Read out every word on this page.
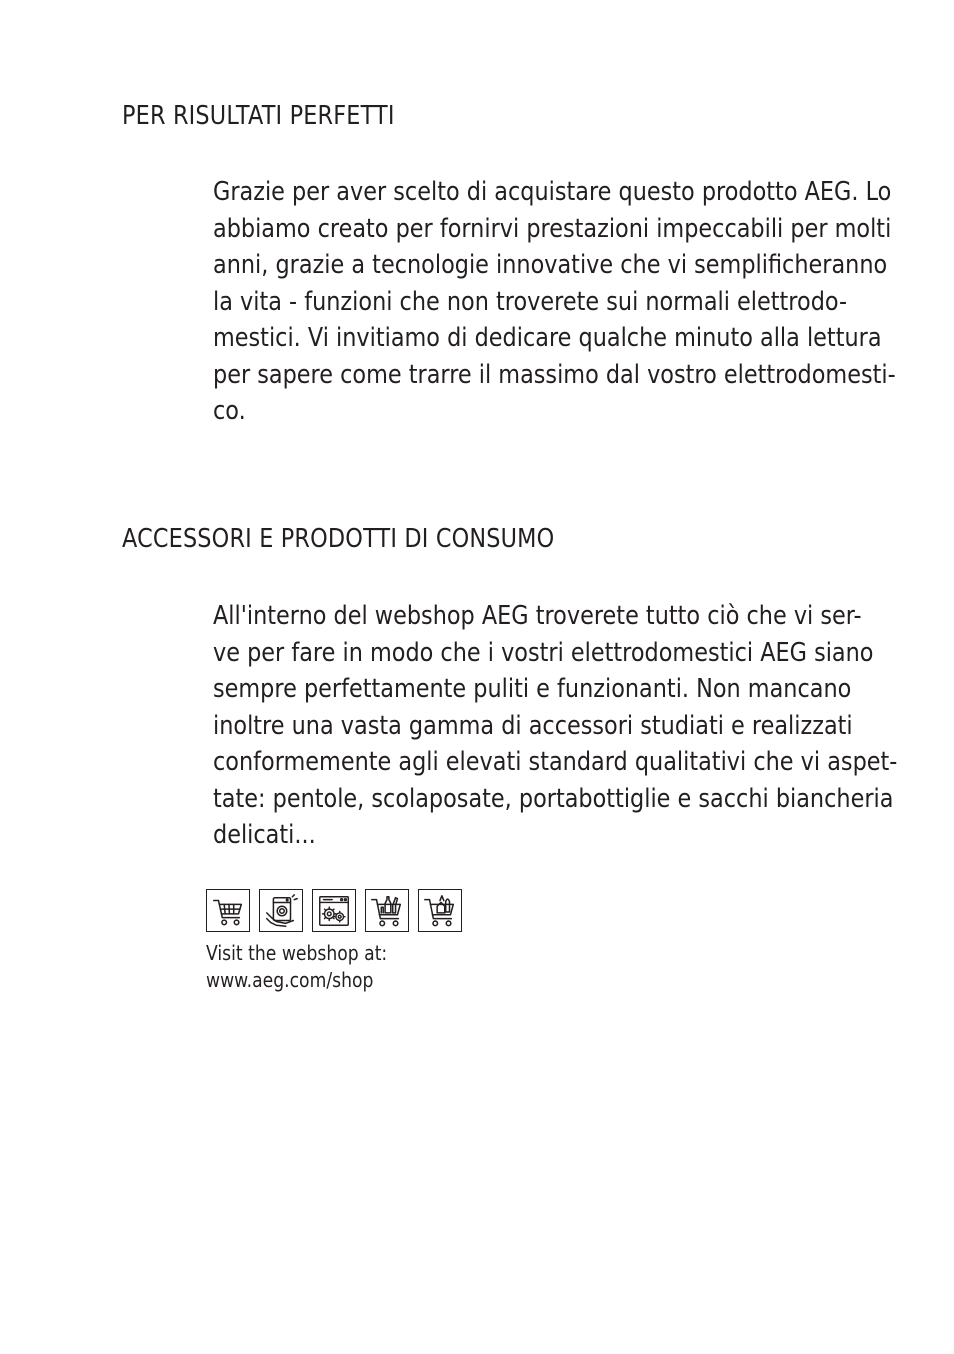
PER RISULTATI PERFETTI

Grazie per aver scelto di acquistare questo prodotto AEG. Lo
abbiamo creato per fornirvi prestazioni impeccabili per molti
anni, grazie a tecnologie innovative che vi semplificheranno
la vita - funzioni che non troverete sui normali elettrodo-
mestici. Vi invitiamo di dedicare qualche minuto alla lettura
per sapere come trarre il massimo dal vostro elettrodomesti-
co.

ACCESSORI E PRODOTTI DI CONSUMO

All'interno del webshop AEG troverete tutto ciò che vi ser-
ve per fare in modo che i vostri elettrodomestici AEG siano
sempre perfettamente puliti e funzionanti. Non mancano
inoltre una vasta gamma di accessori studiati e realizzati
conformemente agli elevati standard qualitativi che vi aspet-
tate: pentole, scolaposate, portabottiglie e sacchi biancheria
delicati...

Visit the webshop at:
www.aeg.com/shop
